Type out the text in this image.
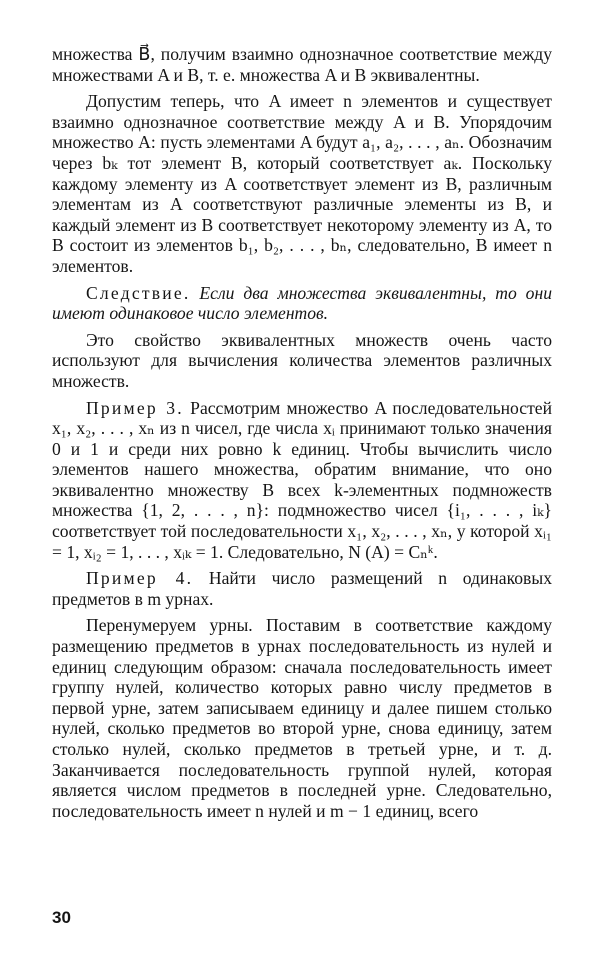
множества B⃗, получим взаимно однозначное соответствие между множествами A и B, т. е. множества A и B эквивалентны.

Допустим теперь, что A имеет n элементов и существует взаимно однозначное соответствие между A и B. Упорядочим множество A: пусть элементами A будут a₁, a₂, . . . , aₙ. Обозначим через bₖ тот элемент B, который соответствует aₖ. Поскольку каждому элементу из A соответствует элемент из B, различным элементам из A соответствуют различные элементы из B, и каждый элемент из B соответствует некоторому элементу из A, то B состоит из элементов b₁, b₂, . . . , bₙ, следовательно, B имеет n элементов.

Следствие. Если два множества эквивалентны, то они имеют одинаковое число элементов.

Это свойство эквивалентных множеств очень часто используют для вычисления количества элементов различных множеств.

Пример 3. Рассмотрим множество A последовательностей x₁, x₂, . . . , xₙ из n чисел, где числа xᵢ принимают только значения 0 и 1 и среди них ровно k единиц. Чтобы вычислить число элементов нашего множества, обратим внимание, что оно эквивалентно множеству B всех k-элементных подмножеств множества {1, 2, . . . , n}: подмножество чисел {i₁, . . . , iₖ} соответствует той последовательности x₁, x₂, . . . , xₙ, у которой xᵢ₁ = 1, xᵢ₂ = 1, . . . , xᵢₖ = 1. Следовательно, N (A) = Cₙᵏ.

Пример 4. Найти число размещений n одинаковых предметов в m урнах.

Перенумеруем урны. Поставим в соответствие каждому размещению предметов в урнах последовательность из нулей и единиц следующим образом: сначала последовательность имеет группу нулей, количество которых равно числу предметов в первой урне, затем записываем единицу и далее пишем столько нулей, сколько предметов во второй урне, снова единицу, затем столько нулей, сколько предметов в третьей урне, и т. д. Заканчивается последовательность группой нулей, которая является числом предметов в последней урне. Следовательно, последовательность имеет n нулей и m − 1 единиц, всего

30
